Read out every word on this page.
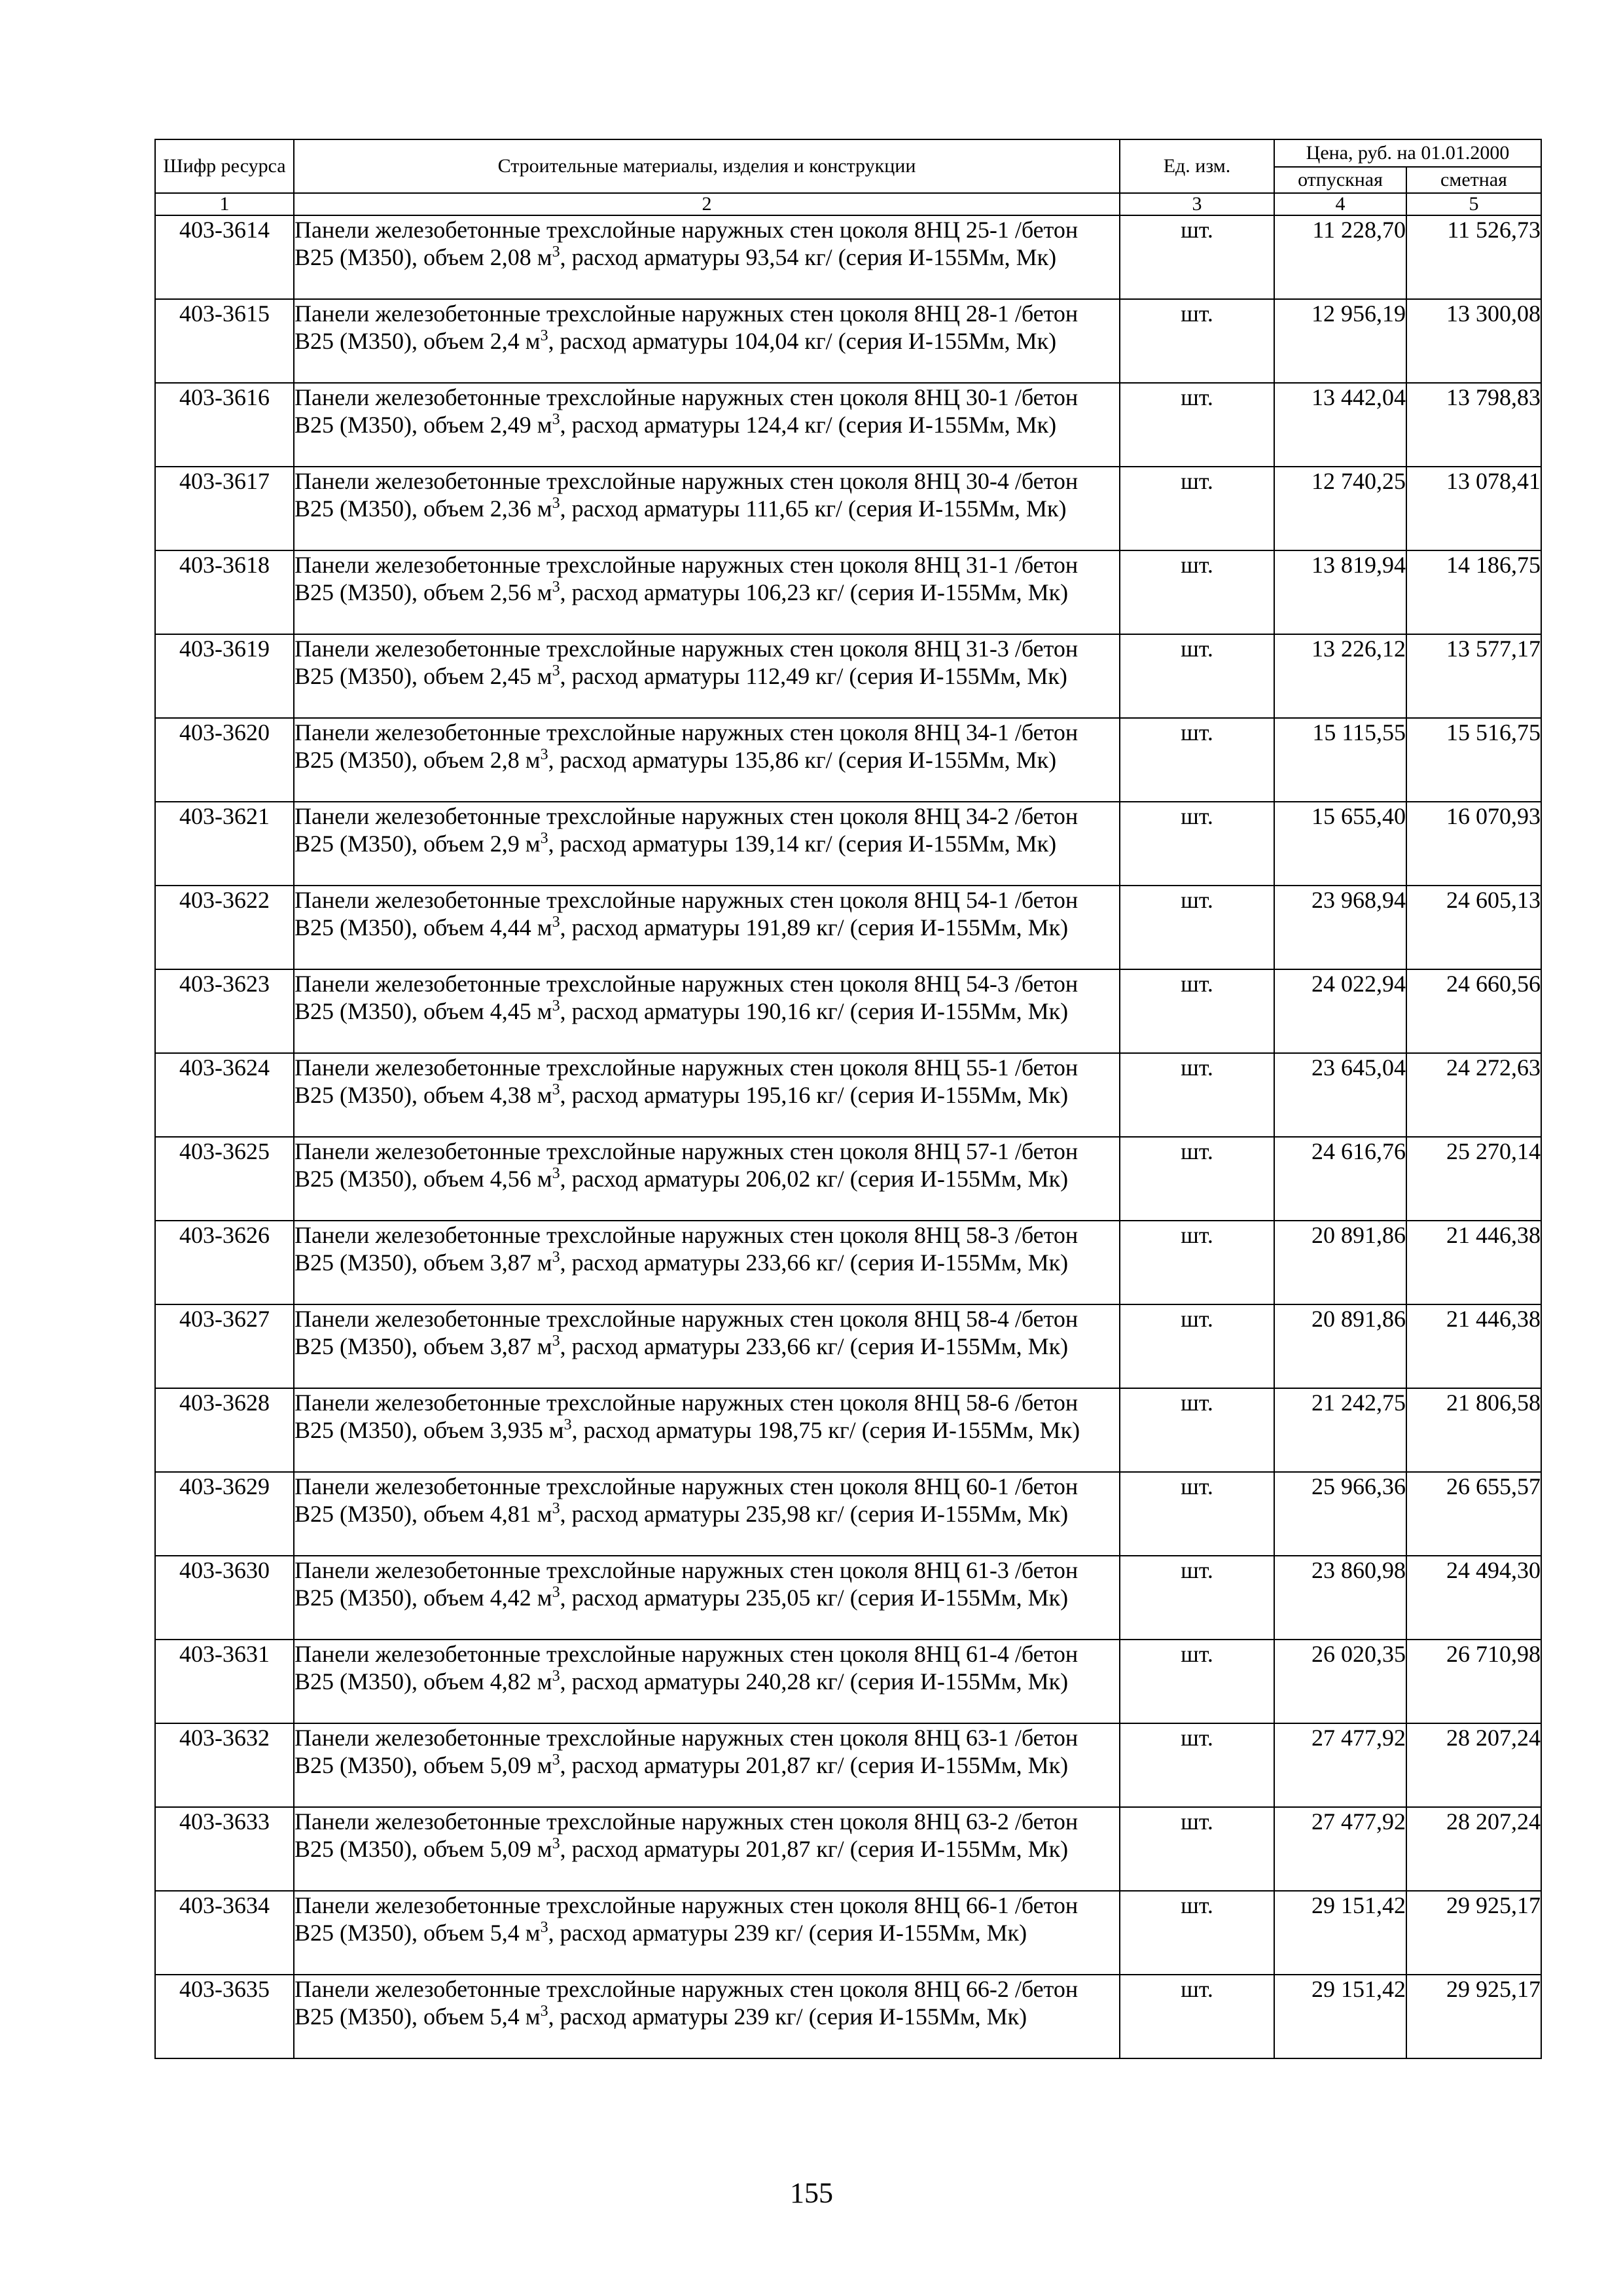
Шифр ресурса	Строительные материалы, изделия и конструкции	Ед. изм.	Цена, руб. на 01.01.2000	
			отпускная	сметная
1	2	3	4	5
403-3614	Панели железобетонные трехслойные наружных стен цоколя 8НЦ 25-1 /бетон В25 (М350), объем 2,08 $м^3$, расход арматуры 93,54 кг/ (серия И-155Мм, Мк)	шт.	11 228,70	11 526,73
403-3615	Панели железобетонные трехслойные наружных стен цоколя 8НЦ 28-1 /бетон В25 (М350), объем 2,4 $м^3$, расход арматуры 104,04 кг/ (серия И-155Мм, Мк)	шт.	12 956,19	13 300,08
403-3616	Панели железобетонные трехслойные наружных стен цоколя 8НЦ 30-1 /бетон В25 (М350), объем 2,49 $м^3$, расход арматуры 124,4 кг/ (серия И-155Мм, Мк)	шт.	13 442,04	13 798,83
403-3617	Панели железобетонные трехслойные наружных стен цоколя 8НЦ 30-4 /бетон В25 (М350), объем 2,36 $м^3$, расход арматуры 111,65 кг/ (серия И-155Мм, Мк)	шт.	12 740,25	13 078,41
403-3618	Панели железобетонные трехслойные наружных стен цоколя 8НЦ 31-1 /бетон В25 (М350), объем 2,56 $м^3$, расход арматуры 106,23 кг/ (серия И-155Мм, Мк)	шт.	13 819,94	14 186,75
403-3619	Панели железобетонные трехслойные наружных стен цоколя 8НЦ 31-3 /бетон В25 (М350), объем 2,45 $м^3$, расход арматуры 112,49 кг/ (серия И-155Мм, Мк)	шт.	13 226,12	13 577,17
403-3620	Панели железобетонные трехслойные наружных стен цоколя 8НЦ 34-1 /бетон В25 (М350), объем 2,8 $м^3$, расход арматуры 135,86 кг/ (серия И-155Мм, Мк)	шт.	15 115,55	15 516,75
403-3621	Панели железобетонные трехслойные наружных стен цоколя 8НЦ 34-2 /бетон В25 (М350), объем 2,9 $м^3$, расход арматуры 139,14 кг/ (серия И-155Мм, Мк)	шт.	15 655,40	16 070,93
403-3622	Панели железобетонные трехслойные наружных стен цоколя 8НЦ 54-1 /бетон В25 (М350), объем 4,44 $м^3$, расход арматуры 191,89 кг/ (серия И-155Мм, Мк)	шт.	23 968,94	24 605,13
403-3623	Панели железобетонные трехслойные наружных стен цоколя 8НЦ 54-3 /бетон В25 (М350), объем 4,45 $м^3$, расход арматуры 190,16 кг/ (серия И-155Мм, Мк)	шт.	24 022,94	24 660,56
403-3624	Панели железобетонные трехслойные наружных стен цоколя 8НЦ 55-1 /бетон В25 (М350), объем 4,38 $м^3$, расход арматуры 195,16 кг/ (серия И-155Мм, Мк)	шт.	23 645,04	24 272,63
403-3625	Панели железобетонные трехслойные наружных стен цоколя 8НЦ 57-1 /бетон В25 (М350), объем 4,56 $м^3$, расход арматуры 206,02 кг/ (серия И-155Мм, Мк)	шт.	24 616,76	25 270,14
403-3626	Панели железобетонные трехслойные наружных стен цоколя 8НЦ 58-3 /бетон В25 (М350), объем 3,87 $м^3$, расход арматуры 233,66 кг/ (серия И-155Мм, Мк)	шт.	20 891,86	21 446,38
403-3627	Панели железобетонные трехслойные наружных стен цоколя 8НЦ 58-4 /бетон В25 (М350), объем 3,87 $м^3$, расход арматуры 233,66 кг/ (серия И-155Мм, Мк)	шт.	20 891,86	21 446,38
403-3628	Панели железобетонные трехслойные наружных стен цоколя 8НЦ 58-6 /бетон В25 (М350), объем 3,935 $м^3$, расход арматуры 198,75 кг/ (серия И-155Мм, Мк)	шт.	21 242,75	21 806,58
403-3629	Панели железобетонные трехслойные наружных стен цоколя 8НЦ 60-1 /бетон В25 (М350), объем 4,81 $м^3$, расход арматуры 235,98 кг/ (серия И-155Мм, Мк)	шт.	25 966,36	26 655,57
403-3630	Панели железобетонные трехслойные наружных стен цоколя 8НЦ 61-3 /бетон В25 (М350), объем 4,42 $м^3$, расход арматуры 235,05 кг/ (серия И-155Мм, Мк)	шт.	23 860,98	24 494,30
403-3631	Панели железобетонные трехслойные наружных стен цоколя 8НЦ 61-4 /бетон В25 (М350), объем 4,82 $м^3$, расход арматуры 240,28 кг/ (серия И-155Мм, Мк)	шт.	26 020,35	26 710,98
403-3632	Панели железобетонные трехслойные наружных стен цоколя 8НЦ 63-1 /бетон В25 (М350), объем 5,09 $м^3$, расход арматуры 201,87 кг/ (серия И-155Мм, Мк)	шт.	27 477,92	28 207,24
403-3633	Панели железобетонные трехслойные наружных стен цоколя 8НЦ 63-2 /бетон В25 (М350), объем 5,09 $м^3$, расход арматуры 201,87 кг/ (серия И-155Мм, Мк)	шт.	27 477,92	28 207,24
403-3634	Панели железобетонные трехслойные наружных стен цоколя 8НЦ 66-1 /бетон В25 (М350), объем 5,4 $м^3$, расход арматуры 239 кг/ (серия И-155Мм, Мк)	шт.	29 151,42	29 925,17
403-3635	Панели железобетонные трехслойные наружных стен цоколя 8НЦ 66-2 /бетон В25 (М350), объем 5,4 $м^3$, расход арматуры 239 кг/ (серия И-155Мм, Мк)	шт.	29 151,42	29 925,17
155
